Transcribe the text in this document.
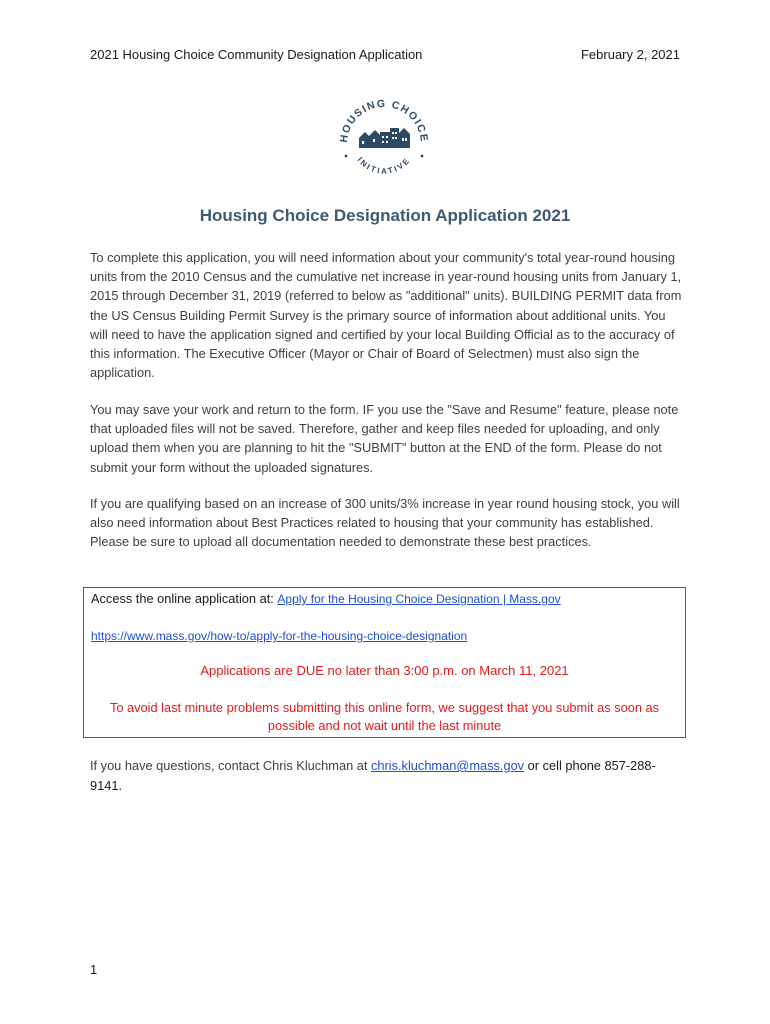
2021 Housing Choice Community Designation Application	February 2, 2021
HOUSING CHOICE
INITIATIVE
Housing Choice Designation Application 2021

To complete this application, you will need information about your community's total year-round housing units from the 2010 Census and the cumulative net increase in year-round housing units from January 1, 2015 through December 31, 2019 (referred to below as "additional" units). BUILDING PERMIT data from the US Census Building Permit Survey is the primary source of information about additional units. You will need to have the application signed and certified by your local Building Official as to the accuracy of this information. The Executive Officer (Mayor or Chair of Board of Selectmen) must also sign the application.

You may save your work and return to the form. IF you use the "Save and Resume" feature, please note that uploaded files will not be saved. Therefore, gather and keep files needed for uploading, and only upload them when you are planning to hit the "SUBMIT" button at the END of the form. Please do not submit your form without the uploaded signatures.

If you are qualifying based on an increase of 300 units/3% increase in year round housing stock, you will also need information about Best Practices related to housing that your community has established. Please be sure to upload all documentation needed to demonstrate these best practices.

Access the online application at: Apply for the Housing Choice Designation | Mass.gov
https://www.mass.gov/how-to/apply-for-the-housing-choice-designation
Applications are DUE no later than 3:00 p.m. on March 11, 2021
To avoid last minute problems submitting this online form, we suggest that you submit as soon as possible and not wait until the last minute

If you have questions, contact Chris Kluchman at chris.kluchman@mass.gov or cell phone 857-288-9141.

1
